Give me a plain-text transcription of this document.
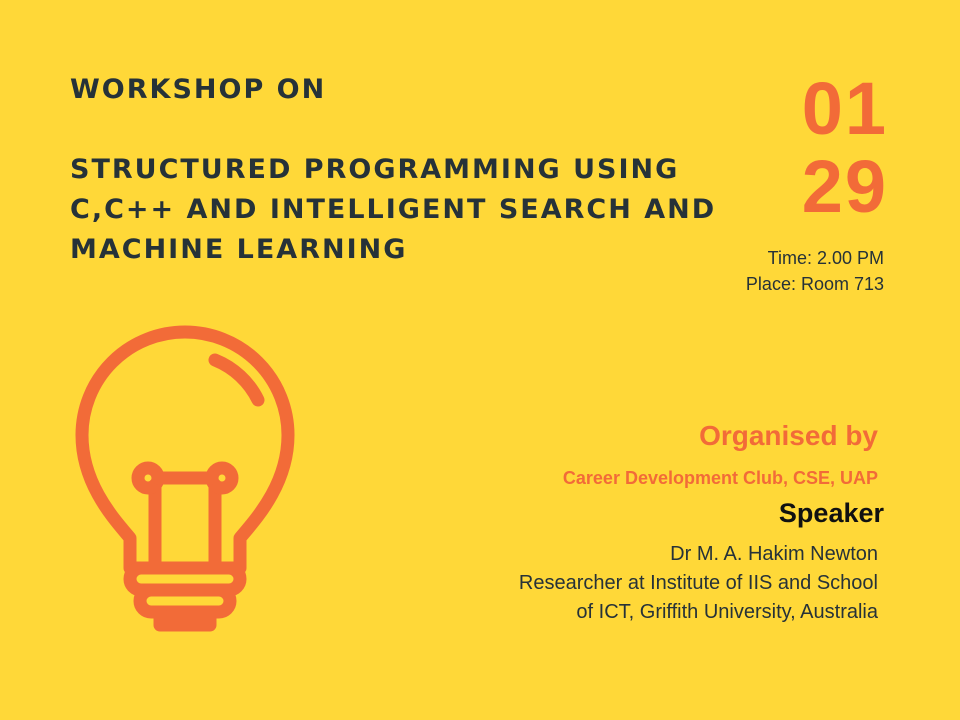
WORKSHOP ON
STRUCTURED PROGRAMMING USING
C,C++ AND INTELLIGENT SEARCH AND
MACHINE LEARNING
01
29
Time: 2.00 PM
Place: Room 713
Organised by
Career Development Club, CSE, UAP
Speaker
Dr M. A. Hakim Newton
Researcher at Institute of IIS and School
of ICT, Griffith University, Australia
